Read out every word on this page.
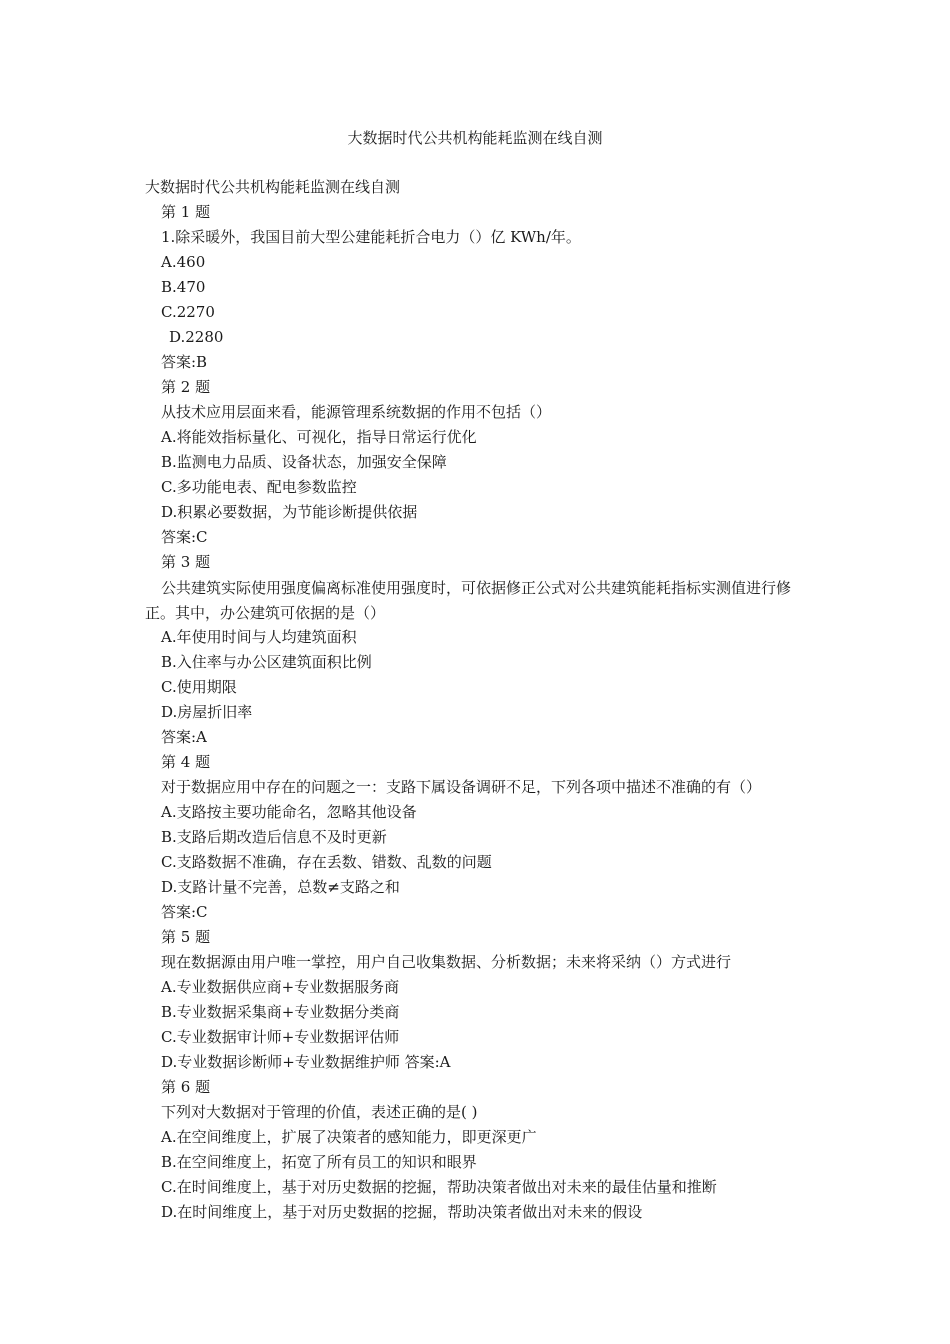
大数据时代公共机构能耗监测在线自测
大数据时代公共机构能耗监测在线自测
第 1 题
1.除采暖外，我国目前大型公建能耗折合电力（）亿 KWh/年。
A.460
B.470
C.2270
D.2280
答案:B
第 2 题
从技术应用层面来看，能源管理系统数据的作用不包括（）
A.将能效指标量化、可视化，指导日常运行优化
B.监测电力品质、设备状态，加强安全保障
C.多功能电表、配电参数监控
D.积累必要数据，为节能诊断提供依据
答案:C
第 3 题
公共建筑实际使用强度偏离标准使用强度时，可依据修正公式对公共建筑能耗指标实测值进行修正。其中，办公建筑可依据的是（）
A.年使用时间与人均建筑面积
B.入住率与办公区建筑面积比例
C.使用期限
D.房屋折旧率
答案:A
第 4 题
对于数据应用中存在的问题之一：支路下属设备调研不足，下列各项中描述不准确的有（）
A.支路按主要功能命名，忽略其他设备
B.支路后期改造后信息不及时更新
C.支路数据不准确，存在丢数、错数、乱数的问题
D.支路计量不完善，总数≠支路之和
答案:C
第 5 题
现在数据源由用户唯一掌控，用户自己收集数据、分析数据；未来将采纳（）方式进行
A.专业数据供应商+专业数据服务商
B.专业数据采集商+专业数据分类商
C.专业数据审计师+专业数据评估师
D.专业数据诊断师+专业数据维护师 答案:A
第 6 题
下列对大数据对于管理的价值，表述正确的是( )
A.在空间维度上，扩展了决策者的感知能力，即更深更广
B.在空间维度上，拓宽了所有员工的知识和眼界
C.在时间维度上，基于对历史数据的挖掘，帮助决策者做出对未来的最佳估量和推断
D.在时间维度上，基于对历史数据的挖掘，帮助决策者做出对未来的假设
